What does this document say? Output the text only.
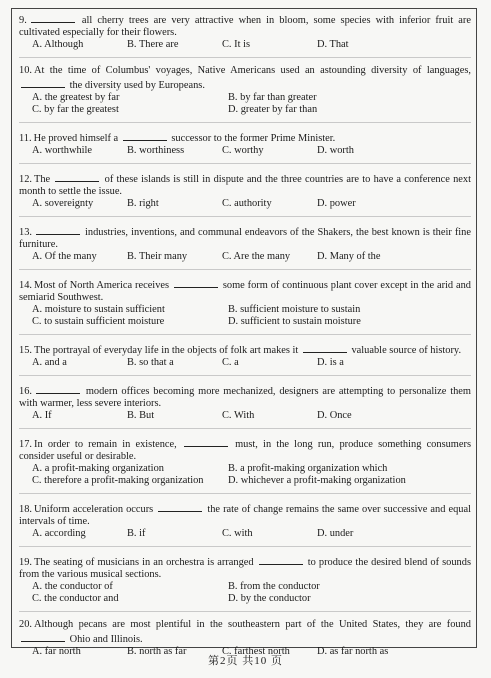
9.	all cherry trees are very attractive when in bloom, some species with inferior fruit are cultivated especially for their flowers.
A. Although	B. There are	C. It is	D. That
10. At the time of Columbus' voyages, Native Americans used an astounding diversity of languages,  the diversity used by Europeans.
A. the greatest by far	B. by far than greater
C. by far the greatest	D. greater by far than
11. He proved himself a	successor to the former Prime Minister.
A. worthwhile	B. worthiness	C. worthy	D. worth
12. The	of these islands is still in dispute and the three countries are to have a conference next month to settle the issue.
A. sovereignty	B. right	C. authority	D. power
13.	industries, inventions, and communal endeavors of the Shakers, the best known is their fine furniture.
A. Of the many	B. Their many	C. Are the many	D. Many of the
14. Most of North America receives	some form of continuous plant cover except in the arid and semiarid Southwest.
A. moisture to sustain sufficient	B. sufficient moisture to sustain
C. to sustain sufficient moisture	D. sufficient to sustain moisture
15. The portrayal of everyday life in the objects of folk art makes it	valuable source of history.
A. and a	B. so that a	C. a	D. is a
16.	modern offices becoming more mechanized, designers are attempting to personalize them with warmer, less severe interiors.
A. If	B. But	C. With	D. Once
17. In order to remain in existence,	must, in the long run, produce something consumers consider useful or desirable.
A. a profit-making organization	B. a profit-making organization which
C. therefore a profit-making organization	D. whichever a profit-making organization
18. Uniform acceleration occurs	the rate of change remains the same over successive and equal intervals of time.
A. according	B. if	C. with	D. under
19. The seating of musicians in an orchestra is arranged	to produce the desired blend of sounds from the various musical sections.
A. the conductor of	B. from the conductor
C. the conductor and	D. by the conductor
20. Although pecans are most plentiful in the southeastern part of the United States, they are found  Ohio and Illinois.
A. far north	B. north as far	C. farthest north	D. as far north as
第2页 共10 页
